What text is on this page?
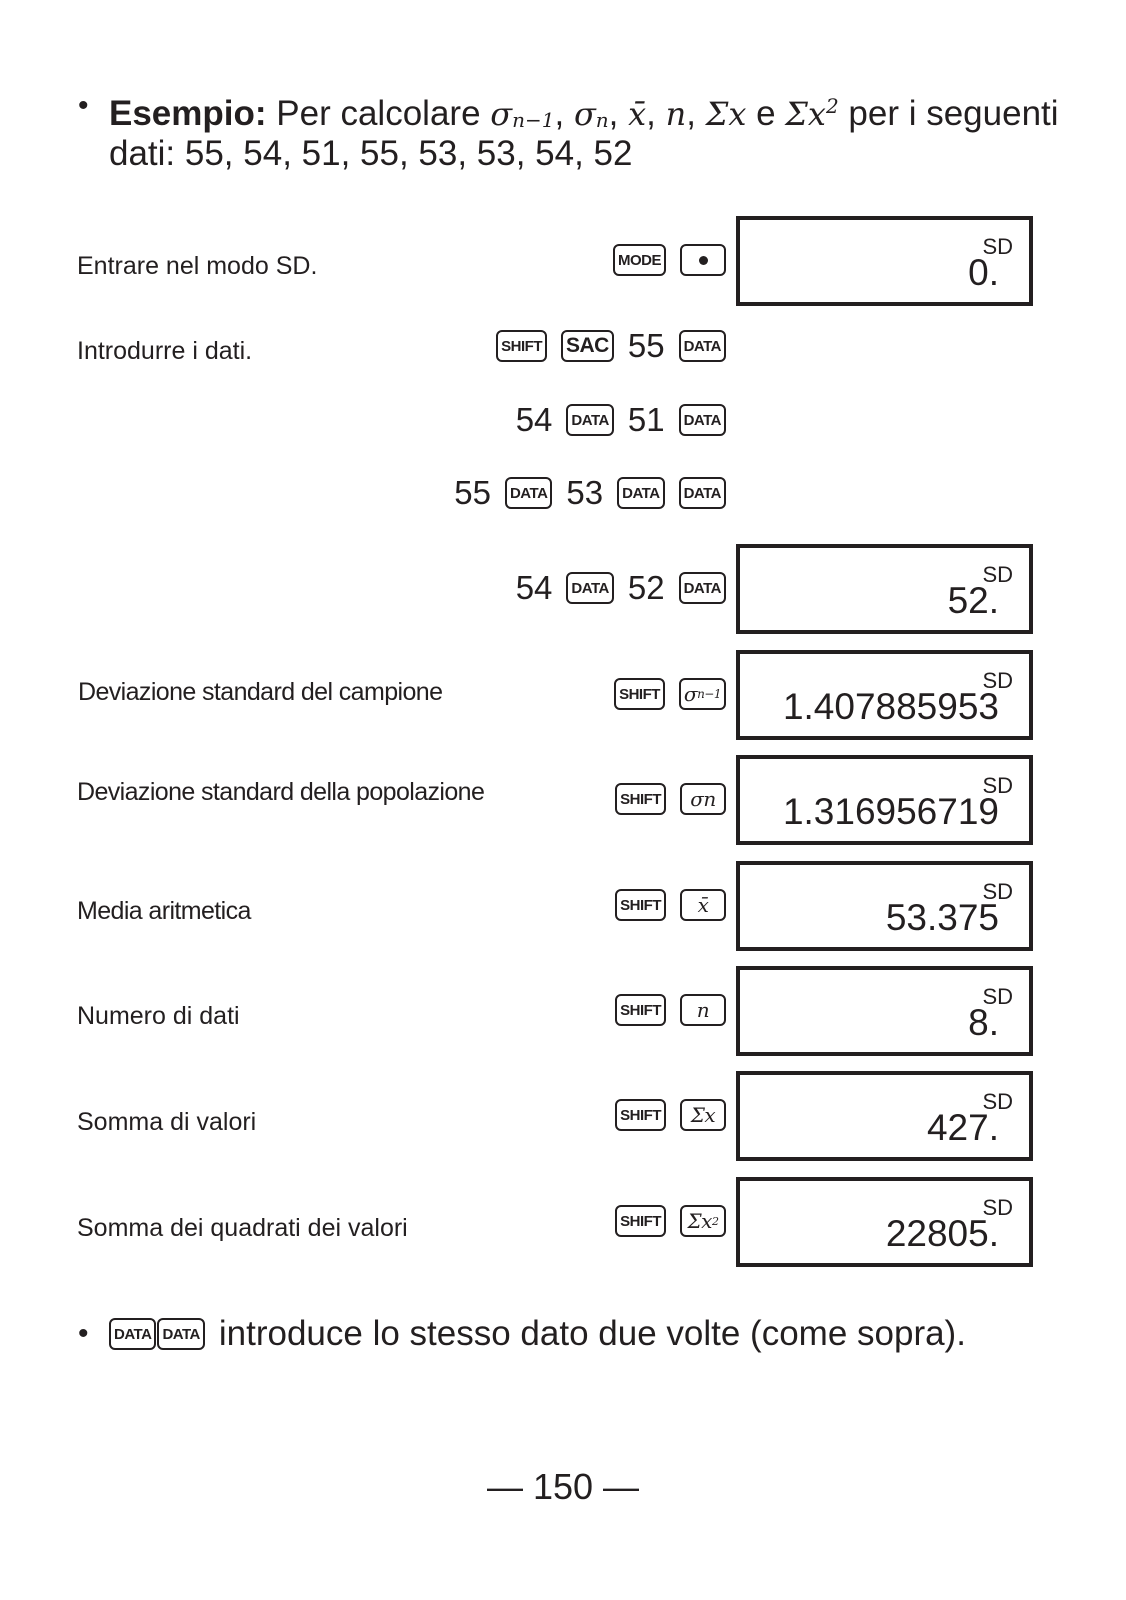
• Esempio: Per calcolare $\sigma_{n-1}$, $\sigma_n$, x̄, n, Σx e $\Sigma x^2$ per i seguenti
dati: 55, 54, 51, 55, 53, 53, 54, 52
Entrare nel modo SD.	MODE
SD
0.
Introdurre i dati.	SHIFT SAC 55	DATA
54	DATA 51	DATA
55	DATA 53	DATA	DATA
54	DATA 52	DATA
SD
52.
Deviazione standard del campione	SHIFT σ n−1
SD
1.407885953
Deviazione standard della popolazione	SHIFT	σn
SD
1.316956719
Media aritmetica	SHIFT	x̄
SD
53.375
Numero di dati	SHIFT	n
SD
8.
Somma di valori	SHIFT	Σx
SD
427.
Somma dei quadrati dei valori	SHIFT Σx 2
SD
22805.
•	DATA DATA introduce lo stesso dato due volte (come sopra).
— 150 —
